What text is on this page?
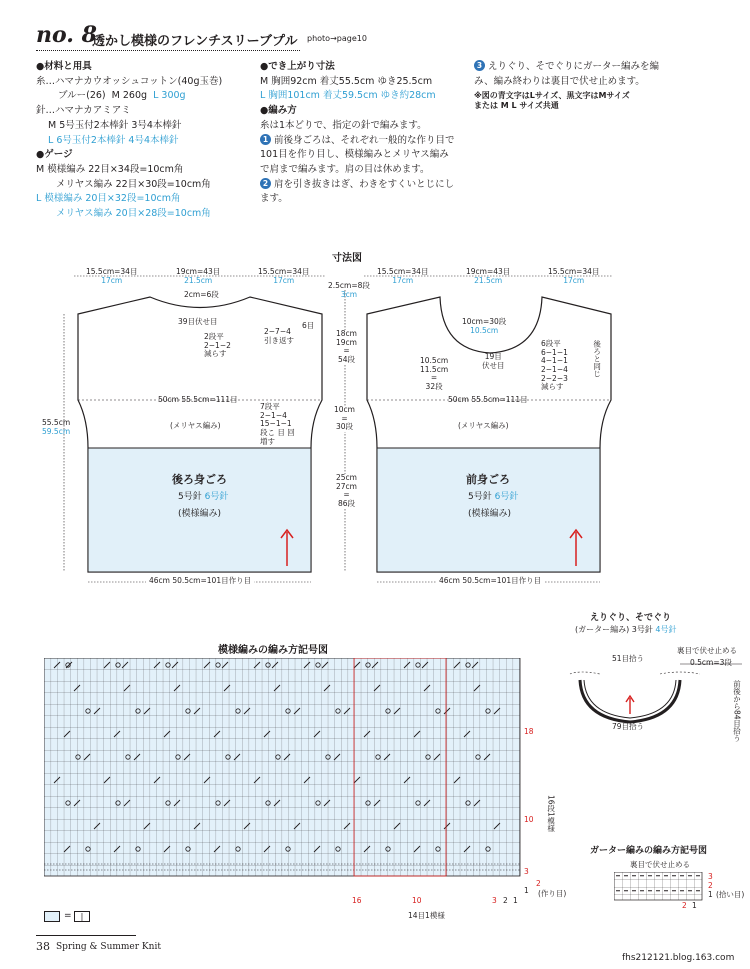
no. 8
透かし模様のフレンチスリーブプル photo→page10
●材料と用具
糸…ハマナカウオッシュコットン(40g玉巻)
ブルー(26) M 260g L 300g
針…ハマナカアミアミ
M 5号玉付2本棒針 3号4本棒針
L 6号玉付2本棒針 4号4本棒針
●ゲージ
M 模様編み 22目×34段=10cm角
メリヤス編み 22目×30段=10cm角
L 模様編み 20目×32段=10cm角
メリヤス編み 20目×28段=10cm角
●でき上がり寸法
M 胸囲92cm 着丈55.5cm ゆき25.5cm
L 胸囲101cm 着丈59.5cm ゆき約28cm
●編み方
糸は1本どりで、指定の針で編みます。
1 前後身ごろは、それぞれ一般的な作り目で101目を作り目し、模様編みとメリヤス編みで肩まで編みます。肩の目は休めます。
2 肩を引き抜きはぎ、わきをすくいとじにします。
3 えりぐり、そでぐりにガーター編みを編み、編み終わりは裏目で伏せ止めます。
※図の青文字はLサイズ、黒文字はMサイズ
または M L サイズ共通
寸法図
15.5cm=34目
17cm
19cm=43目
21.5cm
15.5cm=34目
17cm
2cm=6段
39目伏せ目
2段平
2−1−2
減らす
2−7−4
引き返す
6目
50cm 55.5cm=111目
7段平
2−1−4
15−1−1
段こ 目 回
増す
(メリヤス編み)
後ろ身ごろ
5号針 6号針
(模様編み)
46cm 50.5cm=101目作り目
55.5cm
59.5cm
2.5cm=8段
3cm
18cm
19cm
=
54段
10cm
=
30段
25cm
27cm
=
86段
15.5cm=34目
17cm
19cm=43目
21.5cm
15.5cm=34目
17cm
10cm=30段
10.5cm
10.5cm
11.5cm
=
32段
19目
伏せ目
6段平
6−1−1
4−1−1
2−1−4
2−2−3
減らす
後ろと同じ
50cm 55.5cm=111目
(メリヤス編み)
前身ごろ
5号針 6号針
(模様編み)
46cm 50.5cm=101目作り目
えりぐり、そでぐり
(ガーター編み) 3号針 4号針
裏目で伏せ止める
51目拾う	0.5cm=3段
前後から84目拾う
79目拾う
模様編みの編み方記号図
18
10
3
2
1
16段1模様
(作り目)
16	10	3 2 1
14目1模様
=	|
ガーター編みの編み方記号図
裏目で伏せ止める
3
2
1 (拾い目)
2 1
38 Spring & Summer Knit
fhs212121.blog.163.com
